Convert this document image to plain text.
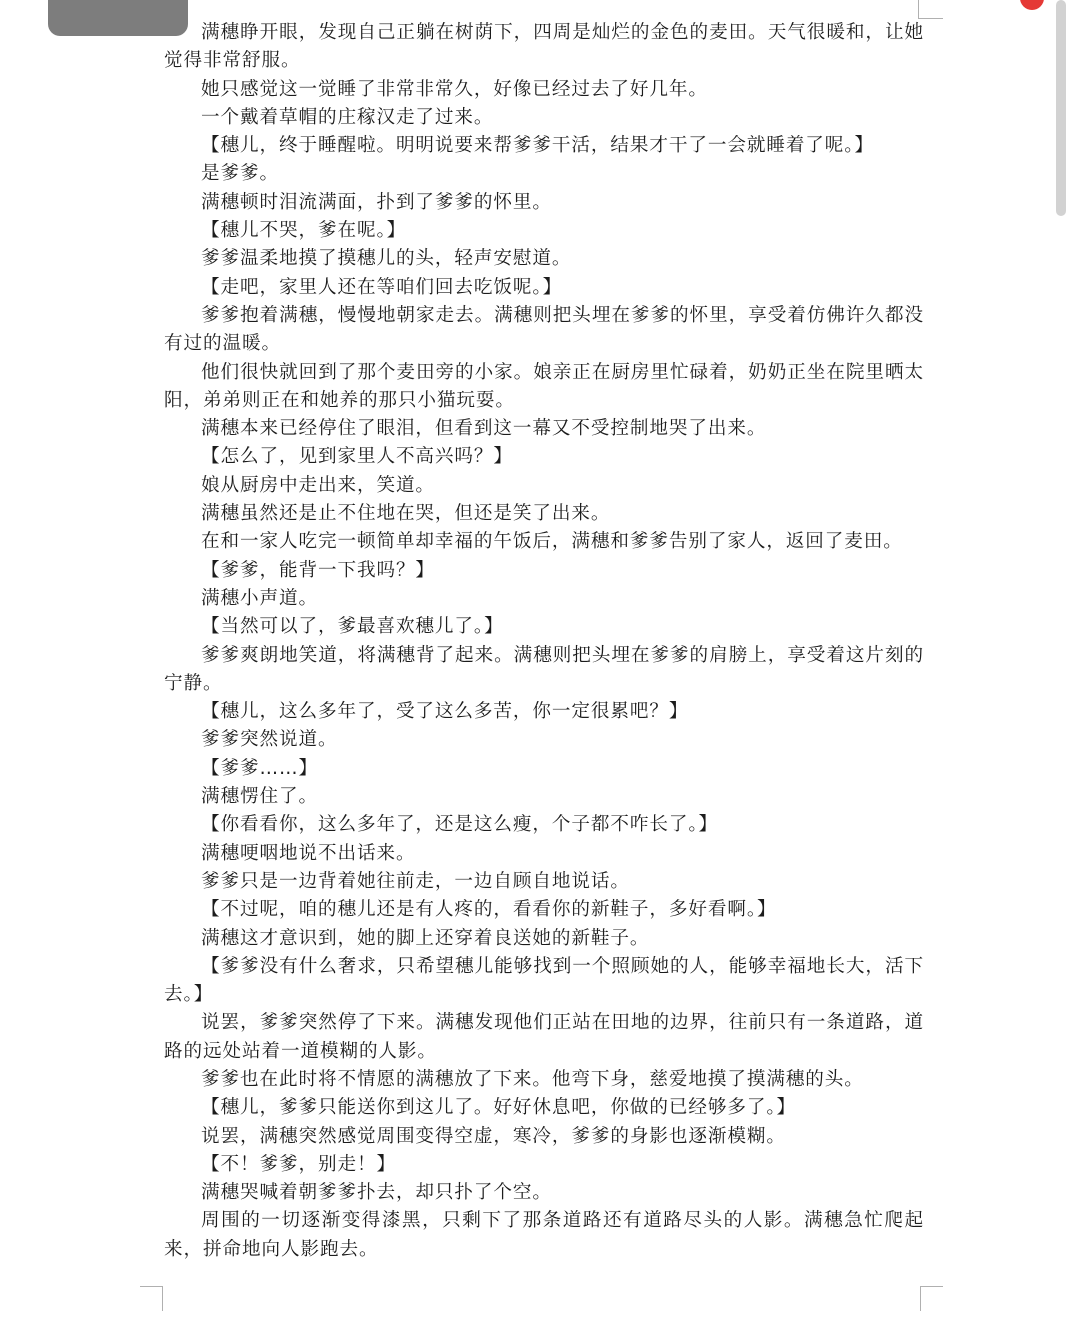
满穗睁开眼，发现自己正躺在树荫下，四周是灿烂的金色的麦田。天气很暖和，让她觉得非常舒服。

她只感觉这一觉睡了非常非常久，好像已经过去了好几年。

一个戴着草帽的庄稼汉走了过来。

【穗儿，终于睡醒啦。明明说要来帮爹爹干活，结果才干了一会就睡着了呢。】

是爹爹。

满穗顿时泪流满面，扑到了爹爹的怀里。

【穗儿不哭，爹在呢。】

爹爹温柔地摸了摸穗儿的头，轻声安慰道。

【走吧，家里人还在等咱们回去吃饭呢。】

爹爹抱着满穗，慢慢地朝家走去。满穗则把头埋在爹爹的怀里，享受着仿佛许久都没有过的温暖。

他们很快就回到了那个麦田旁的小家。娘亲正在厨房里忙碌着，奶奶正坐在院里晒太阳，弟弟则正在和她养的那只小猫玩耍。

满穗本来已经停住了眼泪，但看到这一幕又不受控制地哭了出来。

【怎么了，见到家里人不高兴吗？】

娘从厨房中走出来，笑道。

满穗虽然还是止不住地在哭，但还是笑了出来。

在和一家人吃完一顿简单却幸福的午饭后，满穗和爹爹告别了家人，返回了麦田。

【爹爹，能背一下我吗？】

满穗小声道。

【当然可以了，爹最喜欢穗儿了。】

爹爹爽朗地笑道，将满穗背了起来。满穗则把头埋在爹爹的肩膀上，享受着这片刻的宁静。

【穗儿，这么多年了，受了这么多苦，你一定很累吧？】

爹爹突然说道。

【爹爹……】

满穗愣住了。

【你看看你，这么多年了，还是这么瘦，个子都不咋长了。】

满穗哽咽地说不出话来。

爹爹只是一边背着她往前走，一边自顾自地说话。

【不过呢，咱的穗儿还是有人疼的，看看你的新鞋子，多好看啊。】

满穗这才意识到，她的脚上还穿着良送她的新鞋子。

【爹爹没有什么奢求，只希望穗儿能够找到一个照顾她的人，能够幸福地长大，活下去。】

说罢，爹爹突然停了下来。满穗发现他们正站在田地的边界，往前只有一条道路，道路的远处站着一道模糊的人影。

爹爹也在此时将不情愿的满穗放了下来。他弯下身，慈爱地摸了摸满穗的头。

【穗儿，爹爹只能送你到这儿了。好好休息吧，你做的已经够多了。】

说罢，满穗突然感觉周围变得空虚，寒冷，爹爹的身影也逐渐模糊。

【不！爹爹，别走！】

满穗哭喊着朝爹爹扑去，却只扑了个空。

周围的一切逐渐变得漆黑，只剩下了那条道路还有道路尽头的人影。满穗急忙爬起来，拼命地向人影跑去。
